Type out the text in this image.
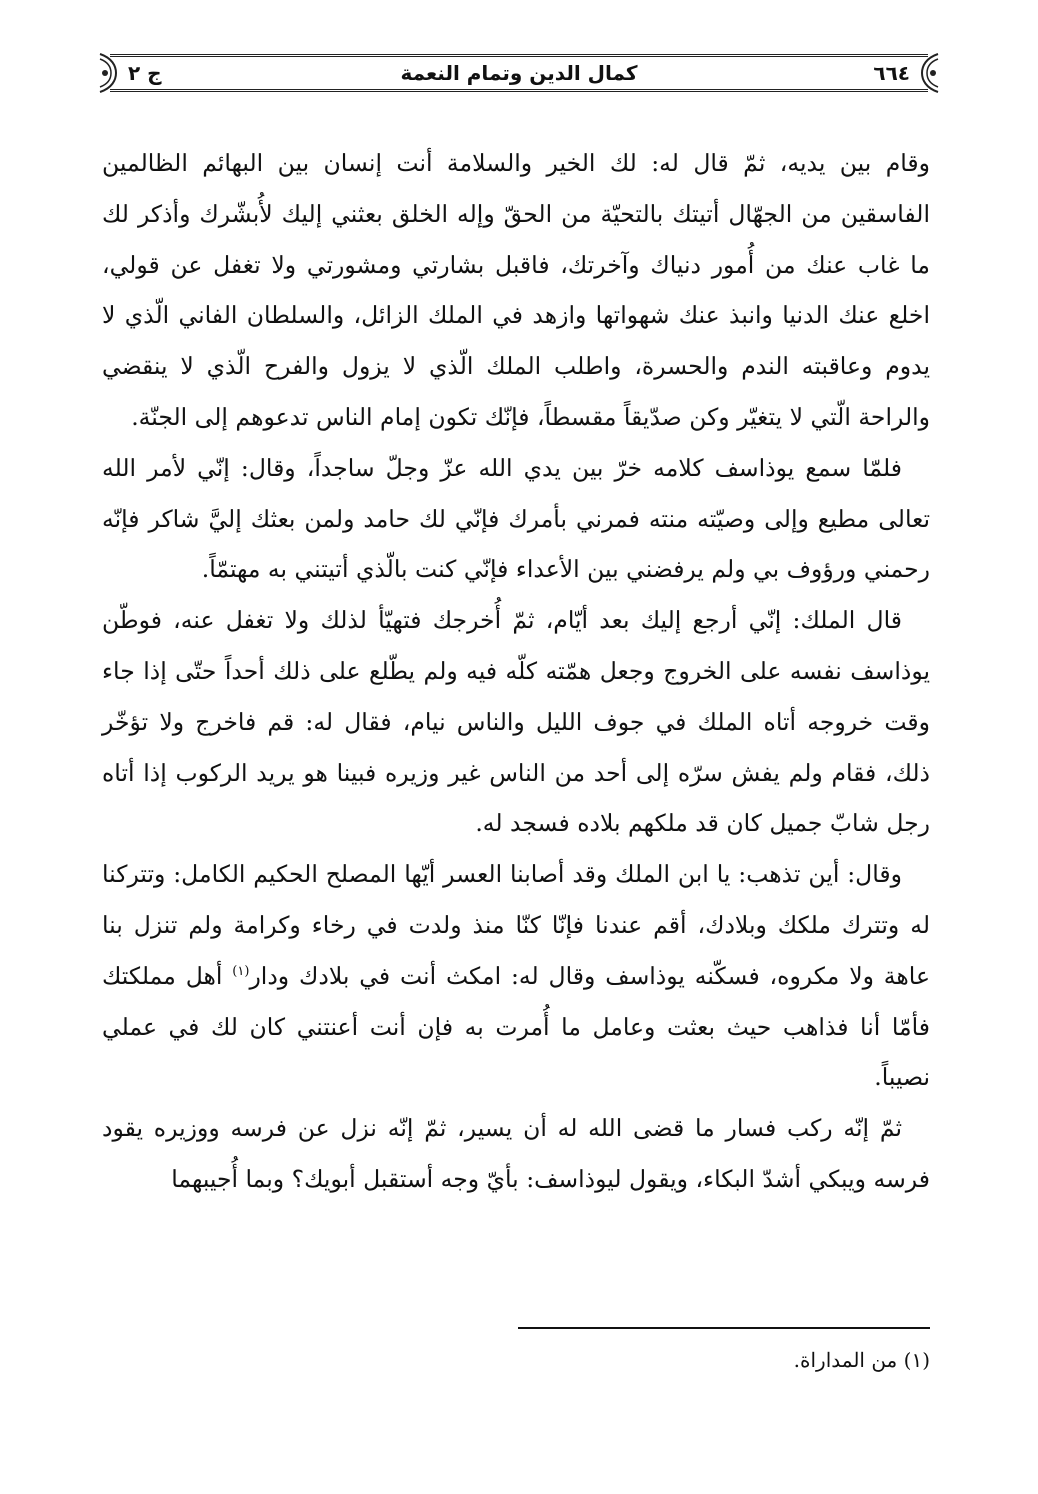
٦٦٤
كمال الدين وتمام النعمة
ج ٢

وقام بين يديه، ثمّ قال له: لك الخير والسلامة أنت إنسان بين البهائم الظالمين الفاسقين من الجهّال أتيتك بالتحيّة من الحقّ وإله الخلق بعثني إليك لأُبشّرك وأذكر لك ما غاب عنك من أُمور دنياك وآخرتك، فاقبل بشارتي ومشورتي ولا تغفل عن قولي، اخلع عنك الدنيا وانبذ عنك شهواتها وازهد في الملك الزائل، والسلطان الفاني الّذي لا يدوم وعاقبته الندم والحسرة، واطلب الملك الّذي لا يزول والفرح الّذي لا ينقضي والراحة الّتي لا يتغيّر وكن صدّيقاً مقسطاً، فإنّك تكون إمام الناس تدعوهم إلى الجنّة.

فلمّا سمع يوذاسف كلامه خرّ بين يدي الله عزّ وجلّ ساجداً، وقال: إنّي لأمر الله تعالى مطيع وإلى وصيّته منته فمرني بأمرك فإنّي لك حامد ولمن بعثك إليَّ شاكر فإنّه رحمني ورؤوف بي ولم يرفضني بين الأعداء فإنّي كنت بالّذي أتيتني به مهتمّاً.

قال الملك: إنّي أرجع إليك بعد أيّام، ثمّ أُخرجك فتهيّأ لذلك ولا تغفل عنه، فوطّن يوذاسف نفسه على الخروج وجعل همّته كلّه فيه ولم يطّلع على ذلك أحداً حتّى إذا جاء وقت خروجه أتاه الملك في جوف الليل والناس نيام، فقال له: قم فاخرج ولا تؤخّر ذلك، فقام ولم يفش سرّه إلى أحد من الناس غير وزيره فبينا هو يريد الركوب إذا أتاه رجل شابّ جميل كان قد ملكهم بلاده فسجد له.

وقال: أين تذهب: يا ابن الملك وقد أصابنا العسر أيّها المصلح الحكيم الكامل: وتتركنا له وتترك ملكك وبلادك، أقم عندنا فإنّا كنّا منذ ولدت في رخاء وكرامة ولم تنزل بنا عاهة ولا مكروه، فسكّنه يوذاسف وقال له: امكث أنت في بلادك ودار$^{(١)}$ أهل مملكتك فأمّا أنا فذاهب حيث بعثت وعامل ما أُمرت به فإن أنت أعنتني كان لك في عملي نصيباً.

ثمّ إنّه ركب فسار ما قضى الله له أن يسير، ثمّ إنّه نزل عن فرسه ووزيره يقود فرسه ويبكي أشدّ البكاء، ويقول ليوذاسف: بأيّ وجه أستقبل أبويك؟ وبما أُجيبهما

(١) من المداراة.
